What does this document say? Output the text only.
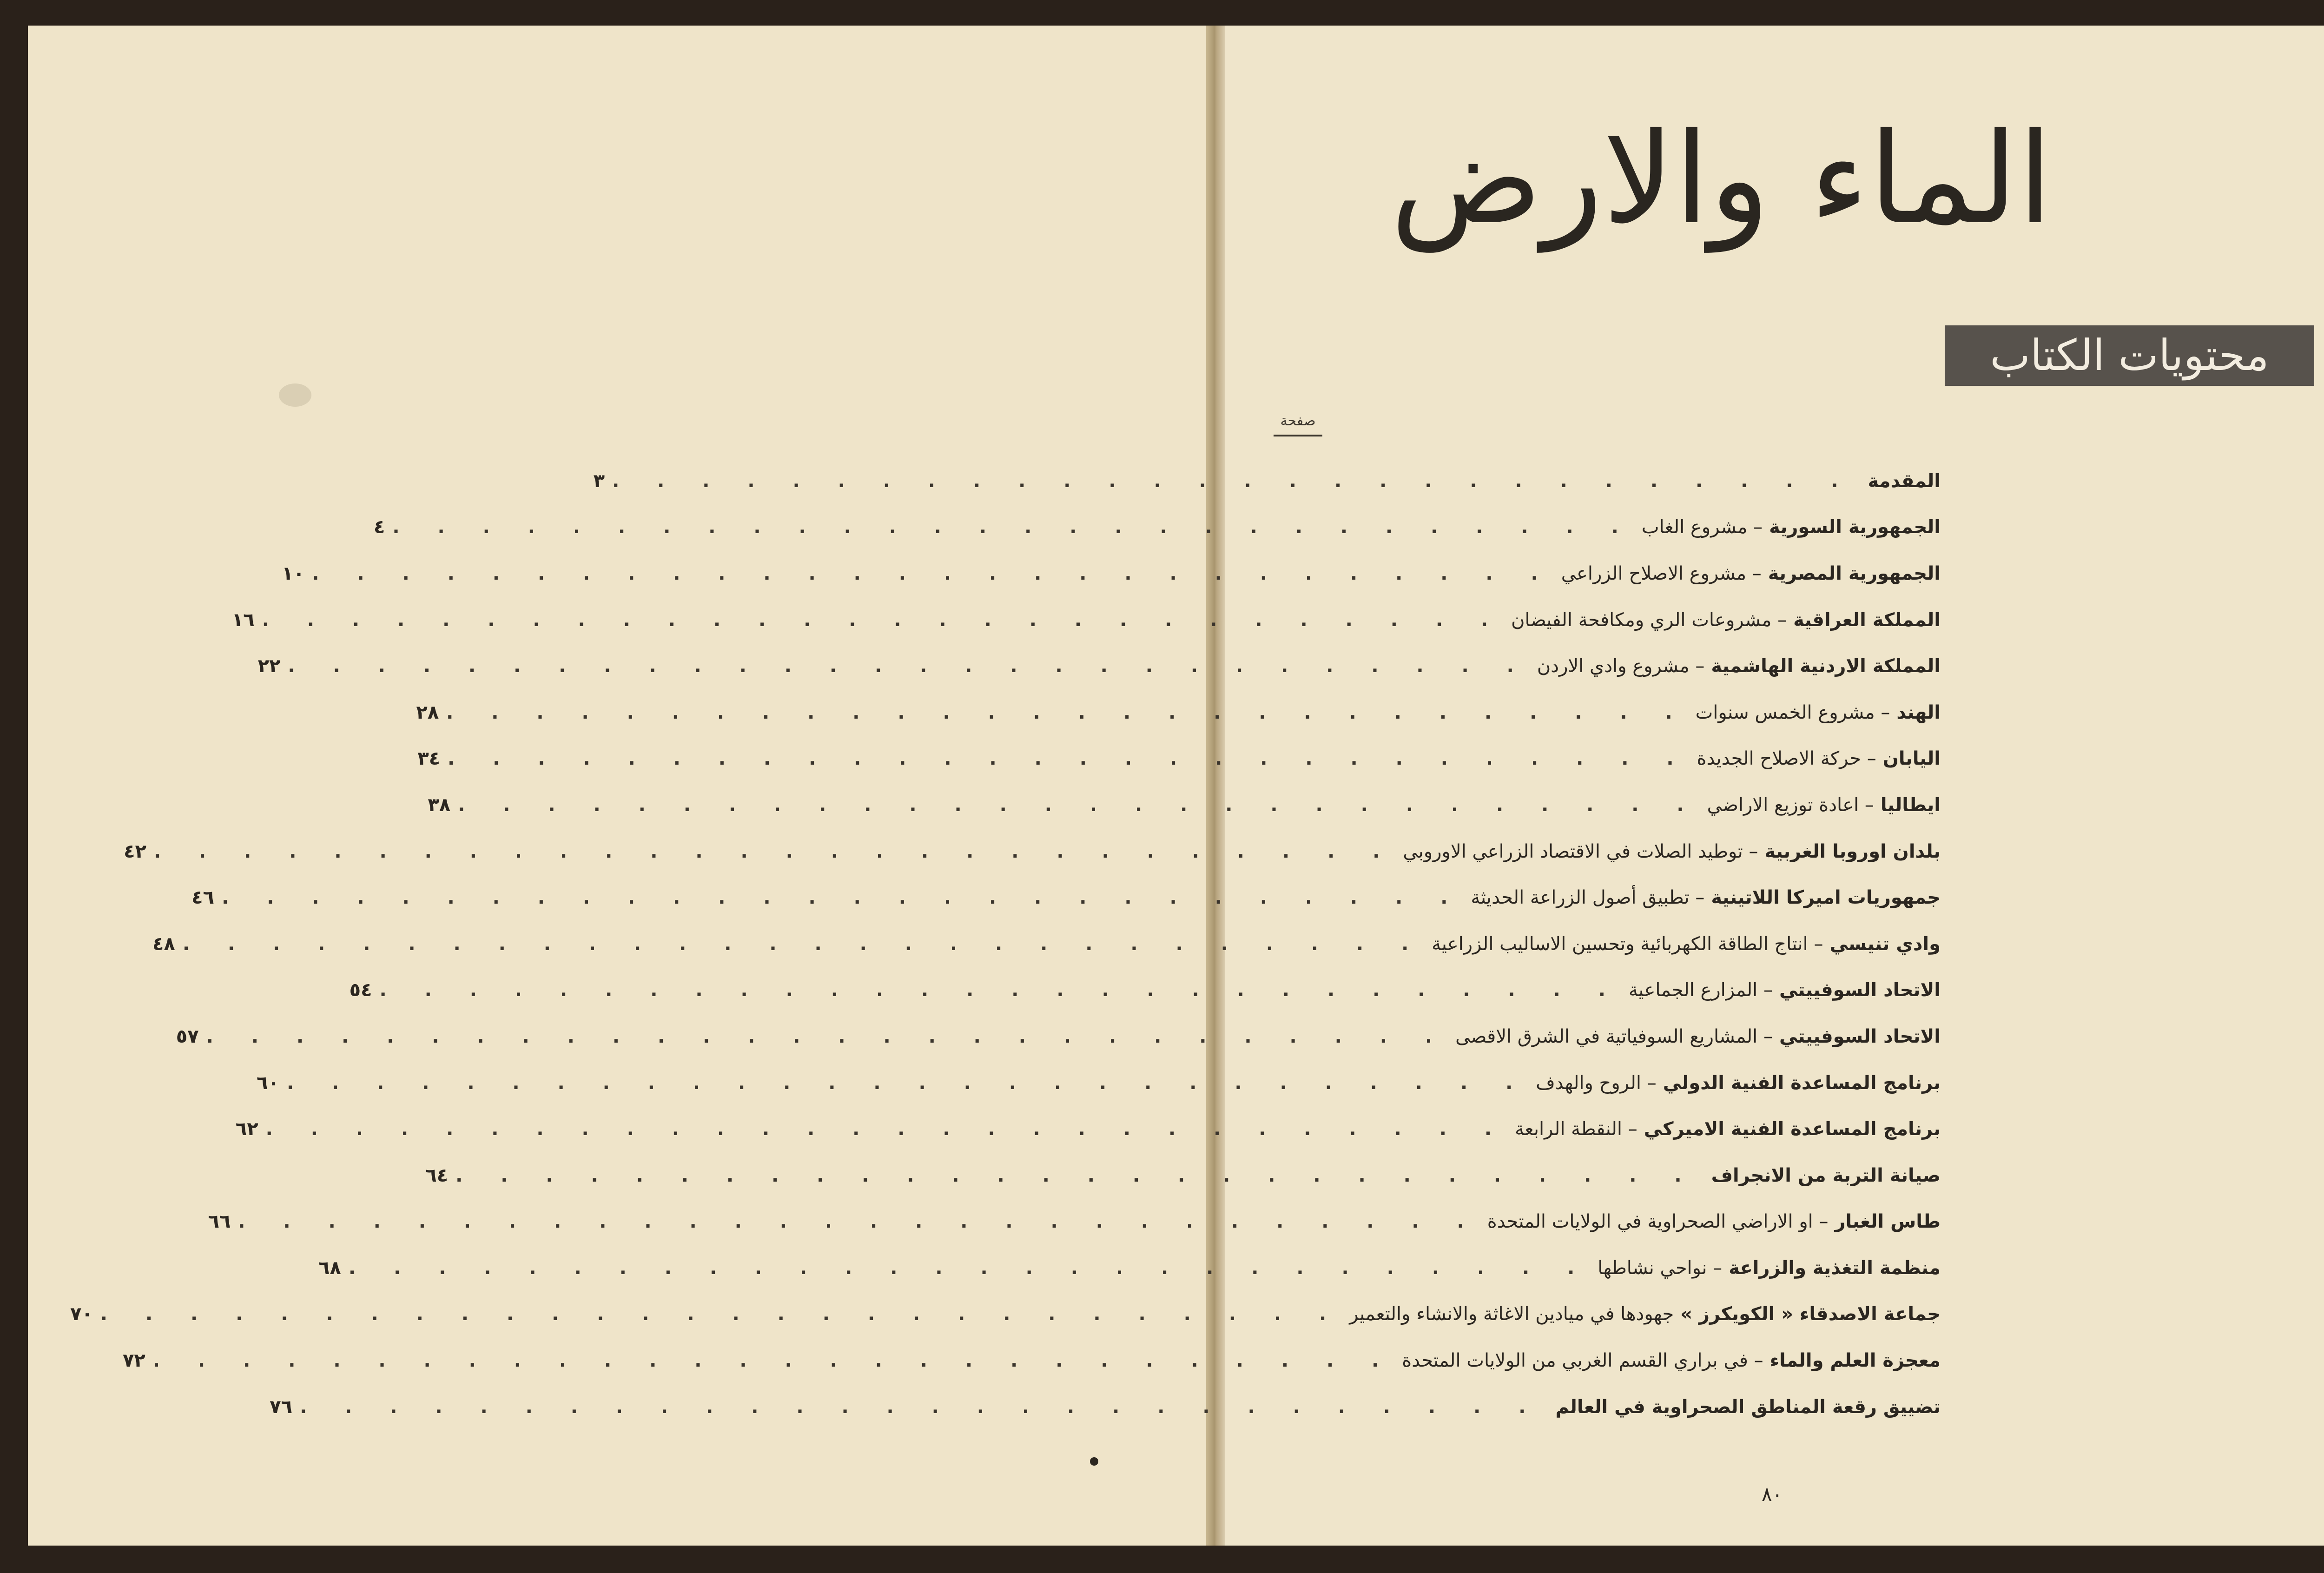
الماء والارض
محتويات الكتاب
صفحة
المقدمة
. . . . . . . . . . . . . . . . . . . . . . . . . . . .
٣
الجمهورية السورية
– مشروع الغاب
. . . . . . . . . . . . . . . . . . . . . . . . . . . .
٤
الجمهورية المصرية
– مشروع الاصلاح الزراعي
. . . . . . . . . . . . . . . . . . . . . . . . . . . .
١٠
المملكة العراقية
– مشروعات الري ومكافحة الفيضان
. . . . . . . . . . . . . . . . . . . . . . . . . . . .
١٦
المملكة الاردنية الهاشمية
– مشروع وادي الاردن
. . . . . . . . . . . . . . . . . . . . . . . . . . . .
٢٢
الهند
– مشروع الخمس سنوات
. . . . . . . . . . . . . . . . . . . . . . . . . . . .
٢٨
اليابان
– حركة الاصلاح الجديدة
. . . . . . . . . . . . . . . . . . . . . . . . . . . .
٣٤
ايطاليا
– اعادة توزيع الاراضي
. . . . . . . . . . . . . . . . . . . . . . . . . . . .
٣٨
بلدان اوروبا الغربية
– توطيد الصلات في الاقتصاد الزراعي الاوروبي
. . . . . . . . . . . . . . . . . . . . . . . . . . . .
٤٢
جمهوريات اميركا اللاتينية
– تطبيق أصول الزراعة الحديثة
. . . . . . . . . . . . . . . . . . . . . . . . . . . .
٤٦
وادي تنيسي
– انتاج الطاقة الكهربائية وتحسين الاساليب الزراعية
. . . . . . . . . . . . . . . . . . . . . . . . . . . .
٤٨
الاتحاد السوفييتي
– المزارع الجماعية
. . . . . . . . . . . . . . . . . . . . . . . . . . . .
٥٤
الاتحاد السوفييتي
– المشاريع السوفياتية في الشرق الاقصى
. . . . . . . . . . . . . . . . . . . . . . . . . . . .
٥٧
برنامج المساعدة الفنية الدولي
– الروح والهدف
. . . . . . . . . . . . . . . . . . . . . . . . . . . .
٦٠
برنامج المساعدة الفنية الاميركي
– النقطة الرابعة
. . . . . . . . . . . . . . . . . . . . . . . . . . . .
٦٢
صيانة التربة من الانجراف
. . . . . . . . . . . . . . . . . . . . . . . . . . . .
٦٤
طاس الغبار
– او الاراضي الصحراوية في الولايات المتحدة
. . . . . . . . . . . . . . . . . . . . . . . . . . . .
٦٦
منظمة التغذية والزراعة
– نواحي نشاطها
. . . . . . . . . . . . . . . . . . . . . . . . . . . .
٦٨
جماعة الاصدقاء « الكويكرز »
جهودها في ميادين الاغاثة والانشاء والتعمير
. . . . . . . . . . . . . . . . . . . . . . . . . . . .
٧٠
معجزة العلم والماء
– في براري القسم الغربي من الولايات المتحدة
. . . . . . . . . . . . . . . . . . . . . . . . . . . .
٧٢
تضييق رقعة المناطق الصحراوية في العالم
. . . . . . . . . . . . . . . . . . . . . . . . . . . .
٧٦
٨٠
